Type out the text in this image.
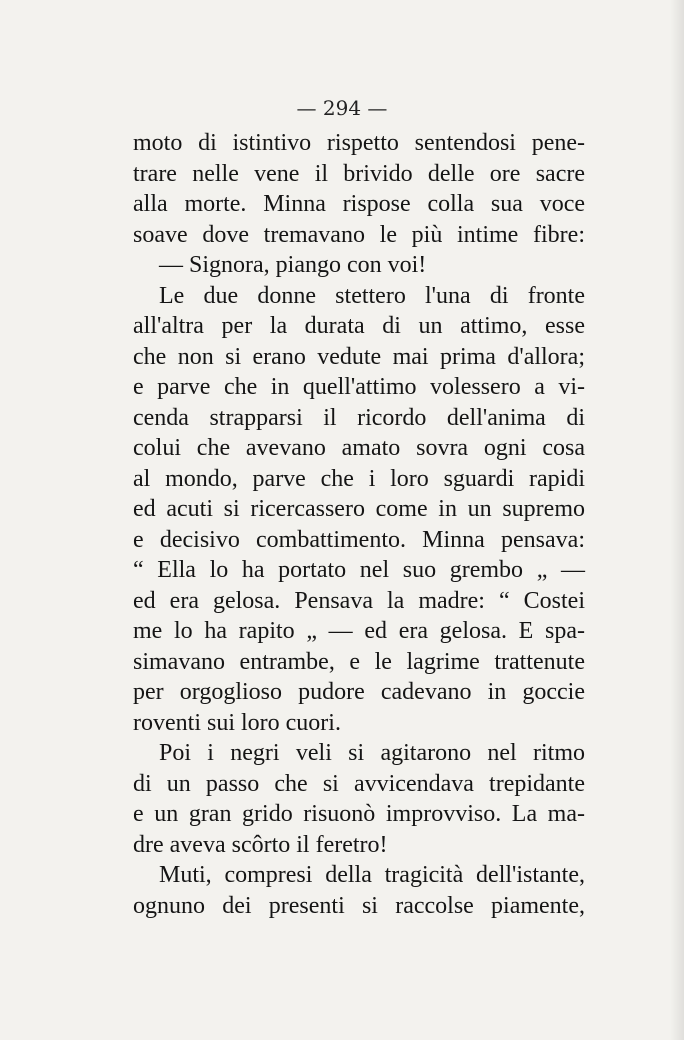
— 294 —
moto di istintivo rispetto sentendosi pene-
trare nelle vene il brivido delle ore sacre
alla morte. Minna rispose colla sua voce
soave dove tremavano le più intime fibre:
— Signora, piango con voi!
Le due donne stettero l'una di fronte
all'altra per la durata di un attimo, esse
che non si erano vedute mai prima d'allora;
e parve che in quell'attimo volessero a vi-
cenda strapparsi il ricordo dell'anima di
colui che avevano amato sovra ogni cosa
al mondo, parve che i loro sguardi rapidi
ed acuti si ricercassero come in un supremo
e decisivo combattimento. Minna pensava:
“ Ella lo ha portato nel suo grembo „ —
ed era gelosa. Pensava la madre: “ Costei
me lo ha rapito „ — ed era gelosa. E spa-
simavano entrambe, e le lagrime trattenute
per orgoglioso pudore cadevano in goccie
roventi sui loro cuori.
Poi i negri veli si agitarono nel ritmo
di un passo che si avvicendava trepidante
e un gran grido risuonò improvviso. La ma-
dre aveva scôrto il feretro!
Muti, compresi della tragicità dell'istante,
ognuno dei presenti si raccolse piamente,
